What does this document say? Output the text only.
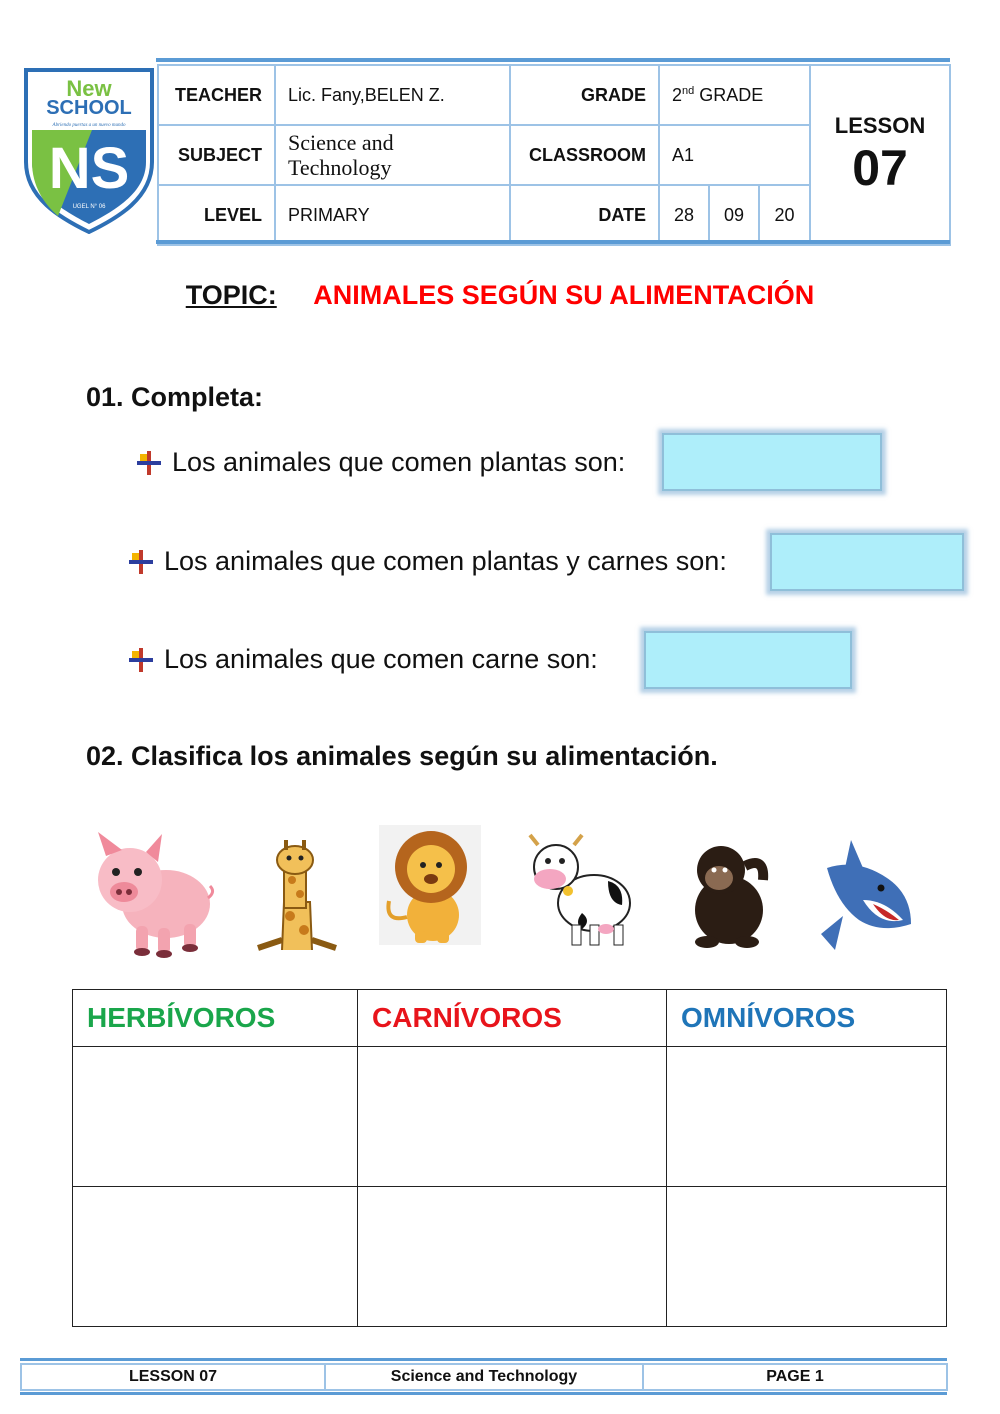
New
SCHOOL
Abriendo puertas a un nuevo mundo
NS
UGEL N° 06
TEACHER	Lic. Fany,BELEN Z.	GRADE	2nd GRADE			LESSON
07

SUBJECT	Science and Technology	CLASSROOM	A1			
LEVEL	PRIMARY	DATE	28	09	20	
TOPIC: ANIMALES SEGÚN SU ALIMENTACIÓN
01. Completa:
Los animales que comen plantas son:
Los animales que comen plantas y carnes son:
Los animales que comen carne son:
02. Clasifica los animales según su alimentación.
HERBÍVOROS	CARNÍVOROS	OMNÍVOROS

LESSON 07	Science and Technology	PAGE 1
